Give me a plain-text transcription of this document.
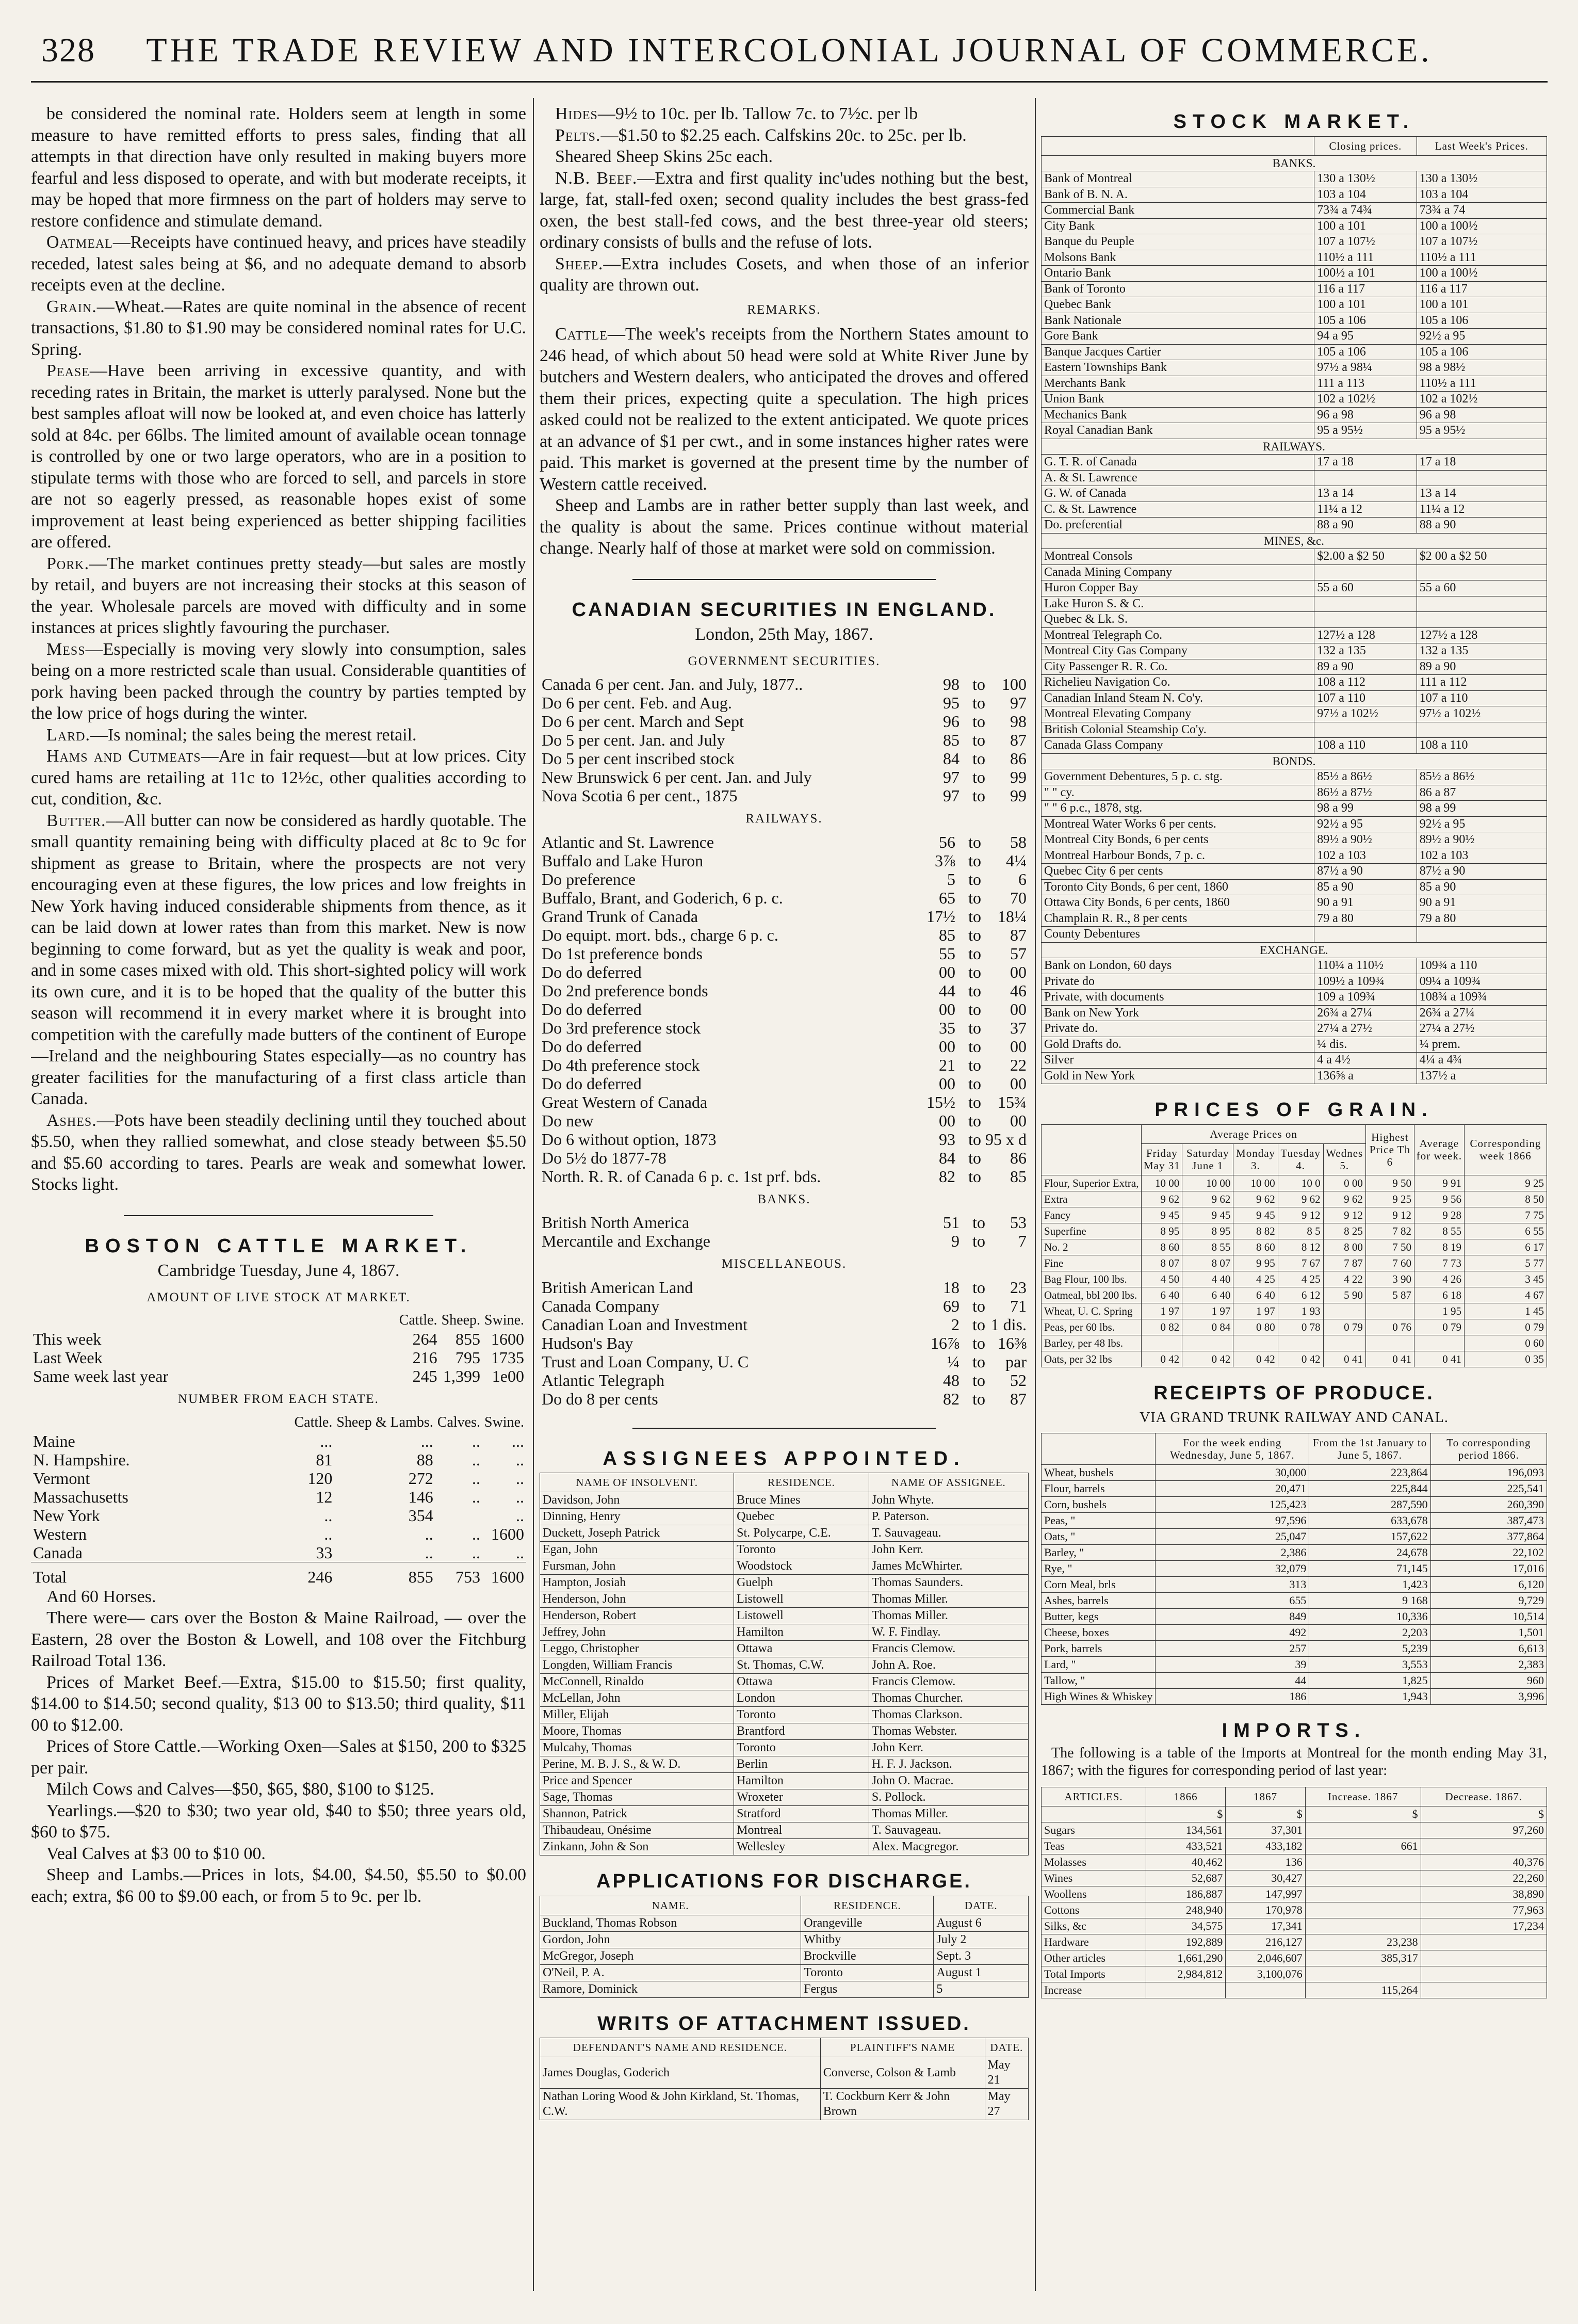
328	THE TRADE REVIEW AND INTERCOLONIAL JOURNAL OF COMMERCE.

be considered the nominal rate. Holders seem at length in some measure to have remitted efforts to press sales, finding that all attempts in that direction have only resulted in making buyers more fearful and less disposed to operate, and with but moderate receipts, it may be hoped that more firmness on the part of holders may serve to restore confidence and stimulate demand.

Oatmeal—Receipts have continued heavy, and prices have steadily receded, latest sales being at $6, and no adequate demand to absorb receipts even at the decline.

Grain.—Wheat.—Rates are quite nominal in the absence of recent transactions, $1.80 to $1.90 may be considered nominal rates for U.C. Spring.

Pease—Have been arriving in excessive quantity, and with receding rates in Britain, the market is utterly paralysed. None but the best samples afloat will now be looked at, and even choice has latterly sold at 84c. per 66lbs. The limited amount of available ocean tonnage is controlled by one or two large operators, who are in a position to stipulate terms with those who are forced to sell, and parcels in store are not so eagerly pressed, as reasonable hopes exist of some improvement at least being experienced as better shipping facilities are offered.

Pork.—The market continues pretty steady—but sales are mostly by retail, and buyers are not increasing their stocks at this season of the year. Wholesale parcels are moved with difficulty and in some instances at prices slightly favouring the purchaser.

Mess—Especially is moving very slowly into consumption, sales being on a more restricted scale than usual. Considerable quantities of pork having been packed through the country by parties tempted by the low price of hogs during the winter.

Lard.—Is nominal; the sales being the merest retail.

Hams and Cutmeats—Are in fair request—but at low prices. City cured hams are retailing at 11c to 12½c, other qualities according to cut, condition, &c.

Butter.—All butter can now be considered as hardly quotable. The small quantity remaining being with difficulty placed at 8c to 9c for shipment as grease to Britain, where the prospects are not very encouraging even at these figures, the low prices and low freights in New York having induced considerable shipments from thence, as it can be laid down at lower rates than from this market. New is now beginning to come forward, but as yet the quality is weak and poor, and in some cases mixed with old. This short-sighted policy will work its own cure, and it is to be hoped that the quality of the butter this season will recommend it in every market where it is brought into competition with the carefully made butters of the continent of Europe—Ireland and the neighbouring States especially—as no country has greater facilities for the manufacturing of a first class article than Canada.

Ashes.—Pots have been steadily declining until they touched about $5.50, when they rallied somewhat, and close steady between $5.50 and $5.60 according to tares. Pearls are weak and somewhat lower. Stocks light.

BOSTON CATTLE MARKET.
Cambridge Tuesday, June 4, 1867.
AMOUNT OF LIVE STOCK AT MARKET.
	Cattle.	Sheep.	Swine.
This week	264	855	1600
Last Week	216	795	1735
Same week last year	245	1,399	1e00
NUMBER FROM EACH STATE.
	Cattle.	Sheep & Lambs.	Calves.	Swine.
Maine	...	...	..	...
N. Hampshire.	81	88	..	..
Vermont	120	272	..	..
Massachusetts	12	146	..	..
New York	..	354		..
Western	..	..	..	1600
Canada	33	..	..	..
Total	246	855	753	1600

And 60 Horses.

There were— cars over the Boston & Maine Railroad, — over the Eastern, 28 over the Boston & Lowell, and 108 over the Fitchburg Railroad Total 136.

Prices of Market Beef.—Extra, $15.00 to $15.50; first quality, $14.00 to $14.50; second quality, $13 00 to $13.50; third quality, $11 00 to $12.00.

Prices of Store Cattle.—Working Oxen—Sales at $150, 200 to $325 per pair.

Milch Cows and Calves—$50, $65, $80, $100 to $125.

Yearlings.—$20 to $30; two year old, $40 to $50; three years old, $60 to $75.

Veal Calves at $3 00 to $10 00.

Sheep and Lambs.—Prices in lots, $4.00, $4.50, $5.50 to $0.00 each; extra, $6 00 to $9.00 each, or from 5 to 9c. per lb.

Hides—9½ to 10c. per lb. Tallow 7c. to 7½c. per lb

Pelts.—$1.50 to $2.25 each. Calfskins 20c. to 25c. per lb.

Sheared Sheep Skins 25c each.

N.B. Beef.—Extra and first quality inc'udes nothing but the best, large, fat, stall-fed oxen; second quality includes the best grass-fed oxen, the best stall-fed cows, and the best three-year old steers; ordinary consists of bulls and the refuse of lots.

Sheep.—Extra includes Cosets, and when those of an inferior quality are thrown out.

REMARKS.

Cattle—The week's receipts from the Northern States amount to 246 head, of which about 50 head were sold at White River June by butchers and Western dealers, who anticipated the droves and offered them their prices, expecting quite a speculation. The high prices asked could not be realized to the extent anticipated. We quote prices at an advance of $1 per cwt., and in some instances higher rates were paid. This market is governed at the present time by the number of Western cattle received.

Sheep and Lambs are in rather better supply than last week, and the quality is about the same. Prices continue without material change. Nearly half of those at market were sold on commission.

CANADIAN SECURITIES IN ENGLAND.
London, 25th May, 1867.
GOVERNMENT SECURITIES.
Canada 6 per cent. Jan. and July, 1877..	98	to	100
Do 6 per cent. Feb. and Aug.	95	to	97
Do 6 per cent. March and Sept	96	to	98
Do 5 per cent. Jan. and July	85	to	87
Do 5 per cent inscribed stock	84	to	86
New Brunswick 6 per cent. Jan. and July	97	to	99
Nova Scotia 6 per cent., 1875	97	to	99
RAILWAYS.
Atlantic and St. Lawrence	56	to	58
Buffalo and Lake Huron	3⅞	to	4¼
Do preference	5	to	6
Buffalo, Brant, and Goderich, 6 p. c.	65	to	70
Grand Trunk of Canada	17½	to	18¼
Do equipt. mort. bds., charge 6 p. c.	85	to	87
Do 1st preference bonds	55	to	57
Do do deferred	00	to	00
Do 2nd preference bonds	44	to	46
Do do deferred	00	to	00
Do 3rd preference stock	35	to	37
Do do deferred	00	to	00
Do 4th preference stock	21	to	22
Do do deferred	00	to	00
Great Western of Canada	15½	to	15¾
Do new	00	to	00
Do 6 without option, 1873	93	to	95 x d
Do 5½ do 1877-78	84	to	86
North. R. R. of Canada 6 p. c. 1st prf. bds.	82	to	85
BANKS.
British North America	51	to	53
Mercantile and Exchange	9	to	7
MISCELLANEOUS.
British American Land	18	to	23
Canada Company	69	to	71
Canadian Loan and Investment	2	to	1 dis.
Hudson's Bay	16⅞	to	16⅜
Trust and Loan Company, U. C	¼	to	par
Atlantic Telegraph	48	to	52
Do do 8 per cents	82	to	87
ASSIGNEES APPOINTED.
NAME OF INSOLVENT.	RESIDENCE.	NAME OF ASSIGNEE.
Davidson, John	Bruce Mines	John Whyte.
Dinning, Henry	Quebec	P. Paterson.
Duckett, Joseph Patrick	St. Polycarpe, C.E.	T. Sauvageau.
Egan, John	Toronto	John Kerr.
Fursman, John	Woodstock	James McWhirter.
Hampton, Josiah	Guelph	Thomas Saunders.
Henderson, John	Listowell	Thomas Miller.
Henderson, Robert	Listowell	Thomas Miller.
Jeffrey, John	Hamilton	W. F. Findlay.
Leggo, Christopher	Ottawa	Francis Clemow.
Longden, William Francis	St. Thomas, C.W.	John A. Roe.
McConnell, Rinaldo	Ottawa	Francis Clemow.
McLellan, John	London	Thomas Churcher.
Miller, Elijah	Toronto	Thomas Clarkson.
Moore, Thomas	Brantford	Thomas Webster.
Mulcahy, Thomas	Toronto	John Kerr.
Perine, M. B. J. S., & W. D.	Berlin	H. F. J. Jackson.
Price and Spencer	Hamilton	John O. Macrae.
Sage, Thomas	Wroxeter	S. Pollock.
Shannon, Patrick	Stratford	Thomas Miller.
Thibaudeau, Onésime	Montreal	T. Sauvageau.
Zinkann, John & Son	Wellesley	Alex. Macgregor.
APPLICATIONS FOR DISCHARGE.
NAME.	RESIDENCE.	DATE.
Buckland, Thomas Robson	Orangeville	August 6
Gordon, John	Whitby	July 2
McGregor, Joseph	Brockville	Sept. 3
O'Neil, P. A.	Toronto	August 1
Ramore, Dominick	Fergus	5
WRITS OF ATTACHMENT ISSUED.
DEFENDANT'S NAME AND RESIDENCE.	PLAINTIFF'S NAME	DATE.
James Douglas, Goderich	Converse, Colson & Lamb	May 21
Nathan Loring Wood & John Kirkland, St. Thomas, C.W.	T. Cockburn Kerr & John Brown	May 27
STOCK MARKET.
	Closing prices.	Last Week's Prices.
BANKS.		
Bank of Montreal	130 a 130½	130 a 130½
Bank of B. N. A.	103 a 104	103 a 104
Commercial Bank	73¾ a 74¾	73¾ a 74
City Bank	100 a 101	100 a 100½
Banque du Peuple	107 a 107½	107 a 107½
Molsons Bank	110½ a 111	110½ a 111
Ontario Bank	100½ a 101	100 a 100½
Bank of Toronto	116 a 117	116 a 117
Quebec Bank	100 a 101	100 a 101
Bank Nationale	105 a 106	105 a 106
Gore Bank	94 a 95	92½ a 95
Banque Jacques Cartier	105 a 106	105 a 106
Eastern Townships Bank	97½ a 98¼	98 a 98½
Merchants Bank	111 a 113	110½ a 111
Union Bank	102 a 102½	102 a 102½
Mechanics Bank	96 a 98	96 a 98
Royal Canadian Bank	95 a 95½	95 a 95½
RAILWAYS.		
G. T. R. of Canada	17 a 18	17 a 18
A. & St. Lawrence		
G. W. of Canada	13 a 14	13 a 14
C. & St. Lawrence	11¼ a 12	11¼ a 12
Do. preferential	88 a 90	88 a 90
MINES, &c.		
Montreal Consols	$2.00 a $2 50	$2 00 a $2 50
Canada Mining Company		
Huron Copper Bay	55 a 60	55 a 60
Lake Huron S. & C.		
Quebec & Lk. S.		
Montreal Telegraph Co.	127½ a 128	127½ a 128
Montreal City Gas Company	132 a 135	132 a 135
City Passenger R. R. Co.	89 a 90	89 a 90
Richelieu Navigation Co.	108 a 112	111 a 112
Canadian Inland Steam N. Co'y.	107 a 110	107 a 110
Montreal Elevating Company	97½ a 102½	97½ a 102½
British Colonial Steamship Co'y.		
Canada Glass Company	108 a 110	108 a 110
BONDS.		
Government Debentures, 5 p. c. stg.	85½ a 86½	85½ a 86½
" " cy.	86½ a 87½	86 a 87
" " 6 p.c., 1878, stg.	98 a 99	98 a 99
Montreal Water Works 6 per cents.	92½ a 95	92½ a 95
Montreal City Bonds, 6 per cents	89½ a 90½	89½ a 90½
Montreal Harbour Bonds, 7 p. c.	102 a 103	102 a 103
Quebec City 6 per cents	87½ a 90	87½ a 90
Toronto City Bonds, 6 per cent, 1860	85 a 90	85 a 90
Ottawa City Bonds, 6 per cents, 1860	90 a 91	90 a 91
Champlain R. R., 8 per cents	79 a 80	79 a 80
County Debentures		
EXCHANGE.		
Bank on London, 60 days	110¼ a 110½	109¾ a 110
Private do	109½ a 109¾	09¼ a 109¾
Private, with documents	109 a 109¾	108¾ a 109¾
Bank on New York	26¾ a 27¼	26¾ a 27¼
Private do.	27¼ a 27½	27¼ a 27½
Gold Drafts do.	¼ dis.	¼ prem.
Silver	4 a 4½	4¼ a 4¾
Gold in New York	136⅝ a	137½ a
PRICES OF GRAIN.
	Average Prices on					Highest Price Th 6	Average for week.	Corresponding week 1866
	Friday May 31	Saturday June 1	Monday 3.	Tuesday 4.	Wednes 5.			
Flour, Superior Extra,	10 00	10 00	10 00	10 0	0 00	9 50	9 91	9 25
Extra	9 62	9 62	9 62	9 62	9 62	9 25	9 56	8 50
Fancy	9 45	9 45	9 45	9 12	9 12	9 12	9 28	7 75
Superfine	8 95	8 95	8 82	8 5	8 25	7 82	8 55	6 55
No. 2	8 60	8 55	8 60	8 12	8 00	7 50	8 19	6 17
Fine	8 07	8 07	9 95	7 67	7 87	7 60	7 73	5 77
Bag Flour, 100 lbs.	4 50	4 40	4 25	4 25	4 22	3 90	4 26	3 45
Oatmeal, bbl 200 lbs.	6 40	6 40	6 40	6 12	5 90	5 87	6 18	4 67
Wheat, U. C. Spring	1 97	1 97	1 97	1 93			1 95	1 45
Peas, per 60 lbs.	0 82	0 84	0 80	0 78	0 79	0 76	0 79	0 79
Barley, per 48 lbs.								0 60
Oats, per 32 lbs	0 42	0 42	0 42	0 42	0 41	0 41	0 41	0 35
RECEIPTS OF PRODUCE.
VIA GRAND TRUNK RAILWAY AND CANAL.
	For the week ending Wednesday, June 5, 1867.	From the 1st January to June 5, 1867.	To corresponding period 1866.
Wheat, bushels	30,000	223,864	196,093
Flour, barrels	20,471	225,844	225,541
Corn, bushels	125,423	287,590	260,390
Peas, "	97,596	633,678	387,473
Oats, "	25,047	157,622	377,864
Barley, "	2,386	24,678	22,102
Rye, "	32,079	71,145	17,016
Corn Meal, brls	313	1,423	6,120
Ashes, barrels	655	9 168	9,729
Butter, kegs	849	10,336	10,514
Cheese, boxes	492	2,203	1,501
Pork, barrels	257	5,239	6,613
Lard, "	39	3,553	2,383
Tallow, "	44	1,825	960
High Wines & Whiskey	186	1,943	3,996
IMPORTS.

The following is a table of the Imports at Montreal for the month ending May 31, 1867; with the figures for corresponding period of last year:

ARTICLES.	1866	1867	Increase. 1867	Decrease. 1867.
	$	$	$	$
Sugars	134,561	37,301		97,260
Teas	433,521	433,182	661	
Molasses	40,462	136		40,376
Wines	52,687	30,427		22,260
Woollens	186,887	147,997		38,890
Cottons	248,940	170,978		77,963
Silks, &c	34,575	17,341		17,234
Hardware	192,889	216,127	23,238	
Other articles	1,661,290	2,046,607	385,317	
Total Imports	2,984,812	3,100,076		
Increase			115,264	
